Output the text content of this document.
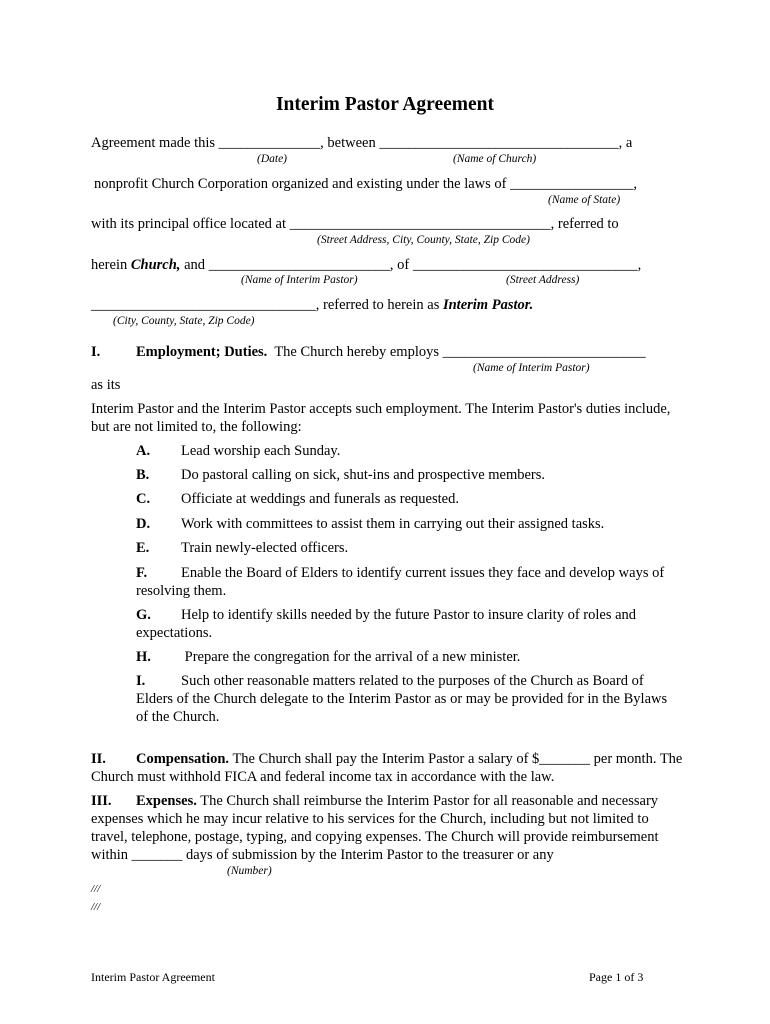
Interim Pastor Agreement
Agreement made this ______________, between _________________________________, a
(Date)	(Name of Church)
nonprofit Church Corporation organized and existing under the laws of _________________,
(Name of State)
with its principal office located at ____________________________________, referred to
(Street Address, City, County, State, Zip Code)
herein Church, and _________________________, of _______________________________,
(Name of Interim Pastor)	(Street Address)
_______________________________, referred to herein as Interim Pastor.
(City, County, State, Zip Code)
I. Employment; Duties. The Church hereby employs ____________________________
(Name of Interim Pastor)
as its
Interim Pastor and the Interim Pastor accepts such employment. The Interim Pastor's duties include, but are not limited to, the following:
A. Lead worship each Sunday.
B. Do pastoral calling on sick, shut-ins and prospective members.
C. Officiate at weddings and funerals as requested.
D. Work with committees to assist them in carrying out their assigned tasks.
E. Train newly-elected officers.
F. Enable the Board of Elders to identify current issues they face and develop ways of resolving them.
G. Help to identify skills needed by the future Pastor to insure clarity of roles and expectations.
H. Prepare the congregation for the arrival of a new minister.
I. Such other reasonable matters related to the purposes of the Church as Board of Elders of the Church delegate to the Interim Pastor as or may be provided for in the Bylaws of the Church.
II. Compensation. The Church shall pay the Interim Pastor a salary of $_______ per month. The Church must withhold FICA and federal income tax in accordance with the law.
III. Expenses. The Church shall reimburse the Interim Pastor for all reasonable and necessary expenses which he may incur relative to his services for the Church, including but not limited to travel, telephone, postage, typing, and copying expenses. The Church will provide reimbursement within _______ days of submission by the Interim Pastor to the treasurer or any
(Number)
///
///
Interim Pastor Agreement	Page 1 of 3
